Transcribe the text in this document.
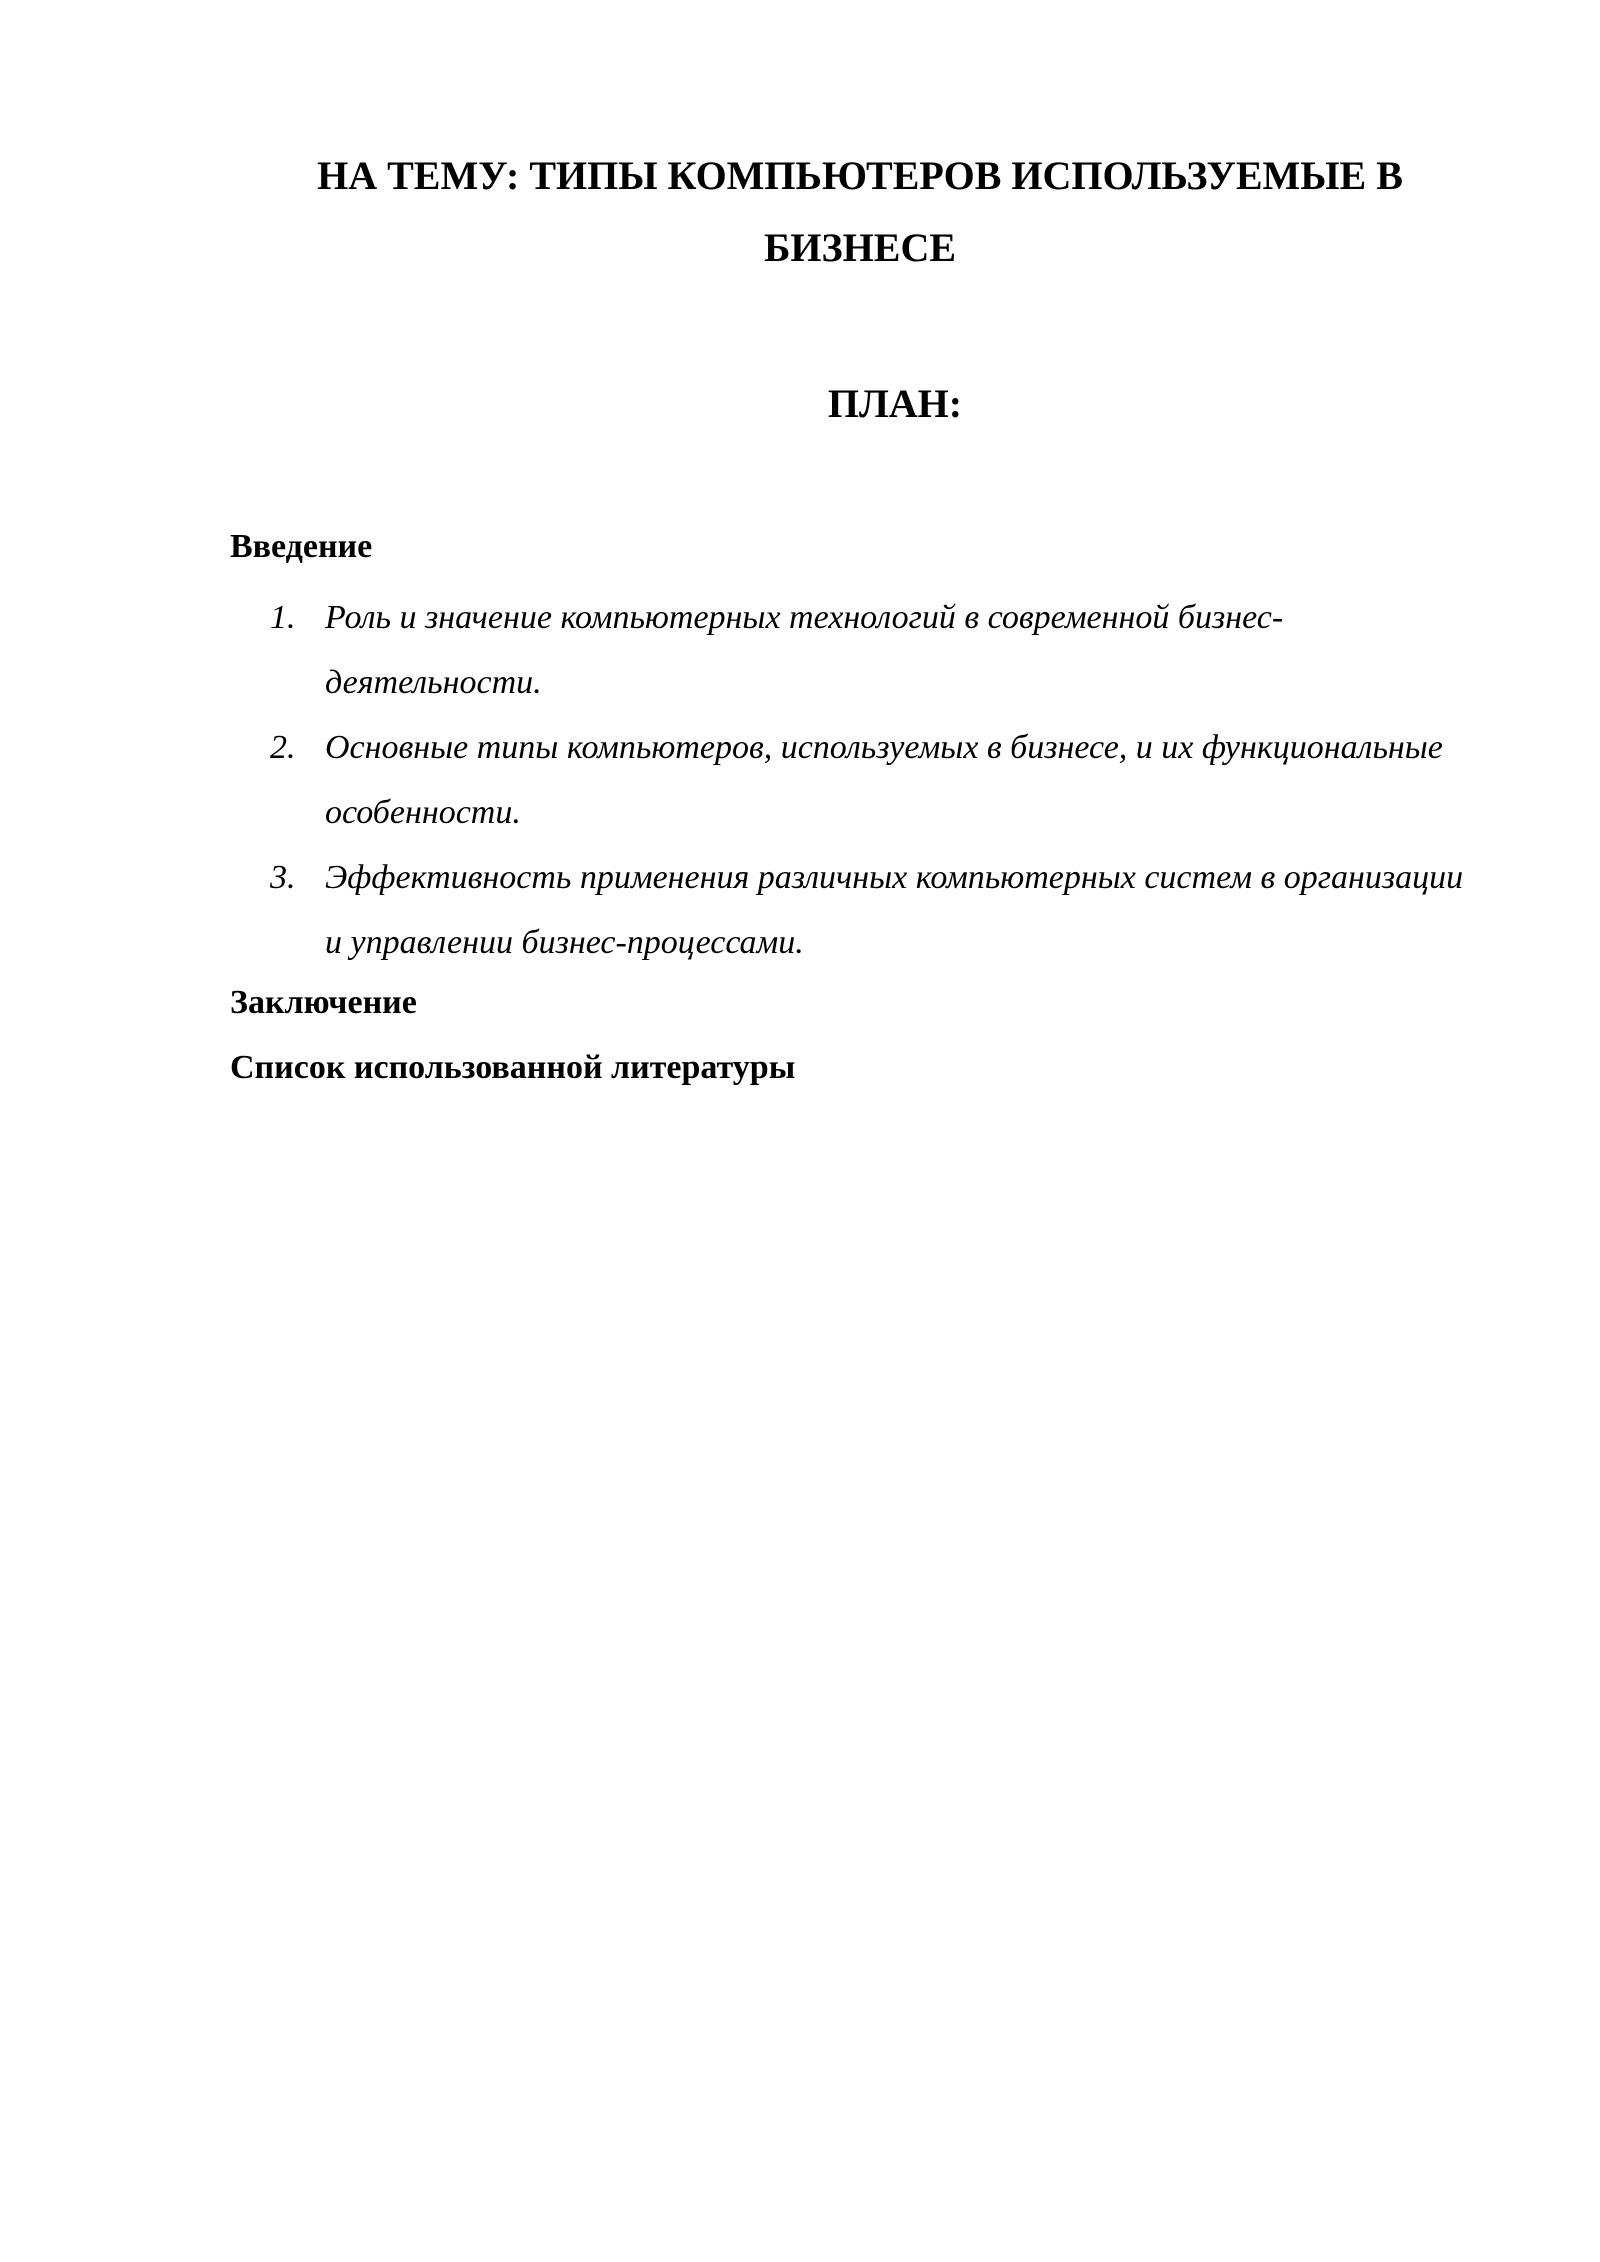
НА ТЕМУ: ТИПЫ КОМПЬЮТЕРОВ ИСПОЛЬЗУЕМЫЕ В БИЗНЕСЕ
ПЛАН:
Введение
1. Роль и значение компьютерных технологий в современной бизнес-деятельности.
2. Основные типы компьютеров, используемых в бизнесе, и их функциональные особенности.
3. Эффективность применения различных компьютерных систем в организации и управлении бизнес-процессами.
Заключение
Список использованной литературы
